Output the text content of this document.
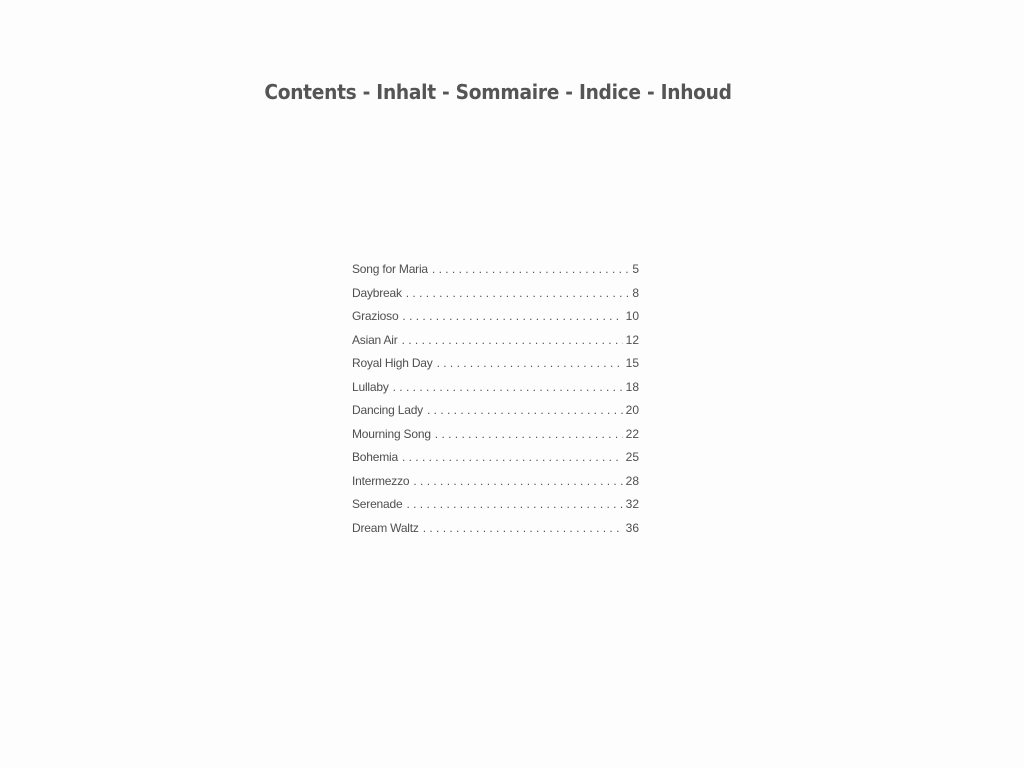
Contents - Inhalt - Sommaire - Indice - Inhoud
Song for Maria . . .	5
Daybreak . . .	8
Grazioso . . .	10
Asian Air . . .	12
Royal High Day . . .	15
Lullaby . . .	18
Dancing Lady . . .	20
Mourning Song . . .	22
Bohemia . . .	25
Intermezzo . . .	28
Serenade . . .	32
Dream Waltz . . .	36
